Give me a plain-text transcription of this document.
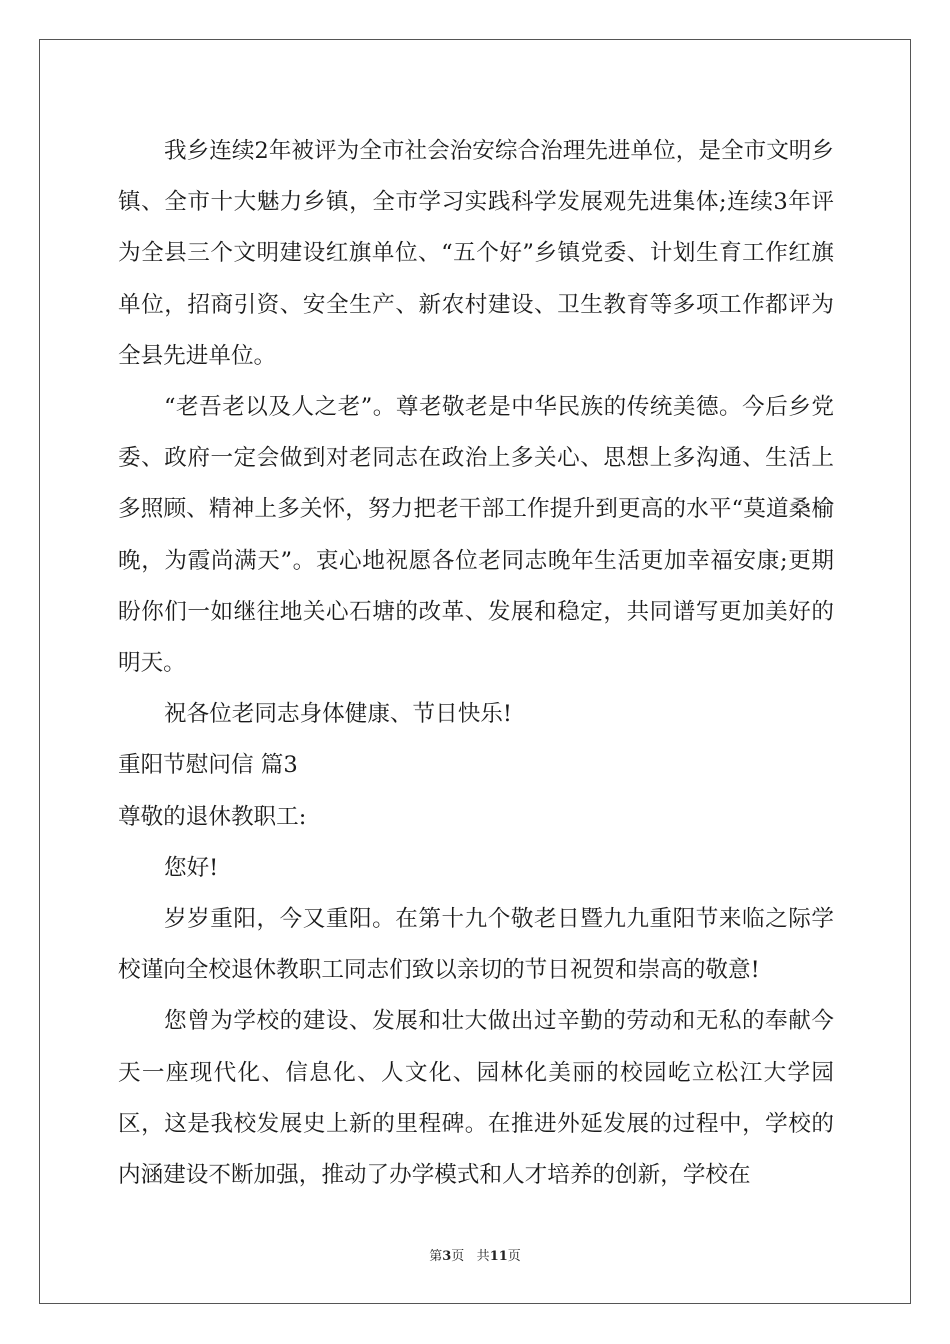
我乡连续2年被评为全市社会治安综合治理先进单位，是全市文明乡镇、全市十大魅力乡镇，全市学习实践科学发展观先进集体;连续3年评为全县三个文明建设红旗单位、“五个好”乡镇党委、计划生育工作红旗单位，招商引资、安全生产、新农村建设、卫生教育等多项工作都评为全县先进单位。

“老吾老以及人之老”。尊老敬老是中华民族的传统美德。今后乡党委、政府一定会做到对老同志在政治上多关心、思想上多沟通、生活上多照顾、精神上多关怀，努力把老干部工作提升到更高的水平“莫道桑榆晚，为霞尚满天”。衷心地祝愿各位老同志晚年生活更加幸福安康;更期盼你们一如继往地关心石塘的改革、发展和稳定，共同谱写更加美好的明天。

祝各位老同志身体健康、节日快乐!

重阳节慰问信 篇3

尊敬的退休教职工:

您好!

岁岁重阳，今又重阳。在第十九个敬老日暨九九重阳节来临之际学校谨向全校退休教职工同志们致以亲切的节日祝贺和崇高的敬意!

您曾为学校的建设、发展和壮大做出过辛勤的劳动和无私的奉献今天一座现代化、信息化、人文化、园林化美丽的校园屹立松江大学园区，这是我校发展史上新的里程碑。在推进外延发展的过程中，学校的内涵建设不断加强，推动了办学模式和人才培养的创新，学校在

第3页 共11页
